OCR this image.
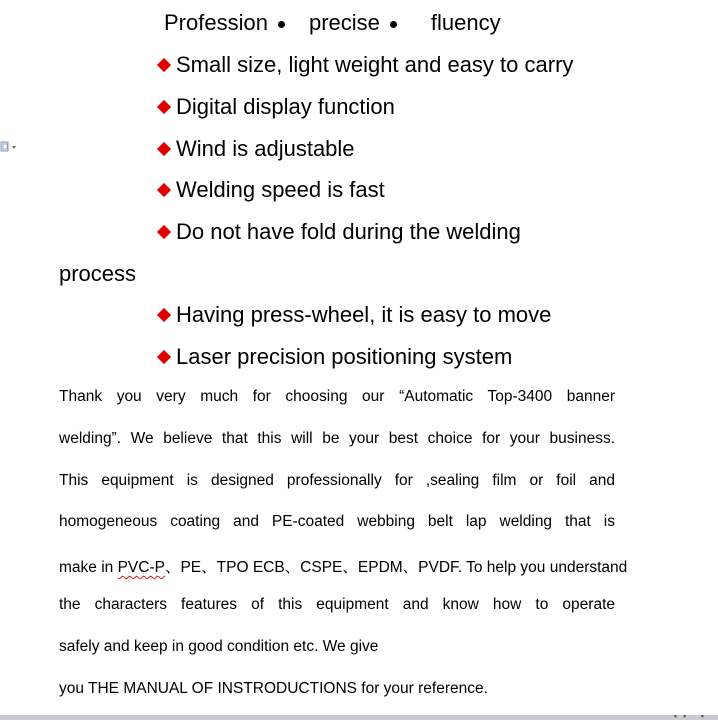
Profession precise fluency
Small size, light weight and easy to carry
Digital display function
Wind is adjustable
Welding speed is fast
Do not have fold during the welding
process
Having press-wheel, it is easy to move
Laser precision positioning system
Thank you very much for choosing our “Automatic Top-3400 banner
welding”. We believe that this will be your best choice for your business.
This equipment is designed professionally for ,sealing film or foil and
homogeneous coating and PE-coated webbing belt lap welding that is
make in PVC-P、PE、TPO ECB、CSPE、EPDM、PVDF. To help you understand
the characters features of this equipment and know how to operate
safely and keep in good condition etc. We give
you THE MANUAL OF INSTRODUCTIONS for your reference.
▪▪ ▪
